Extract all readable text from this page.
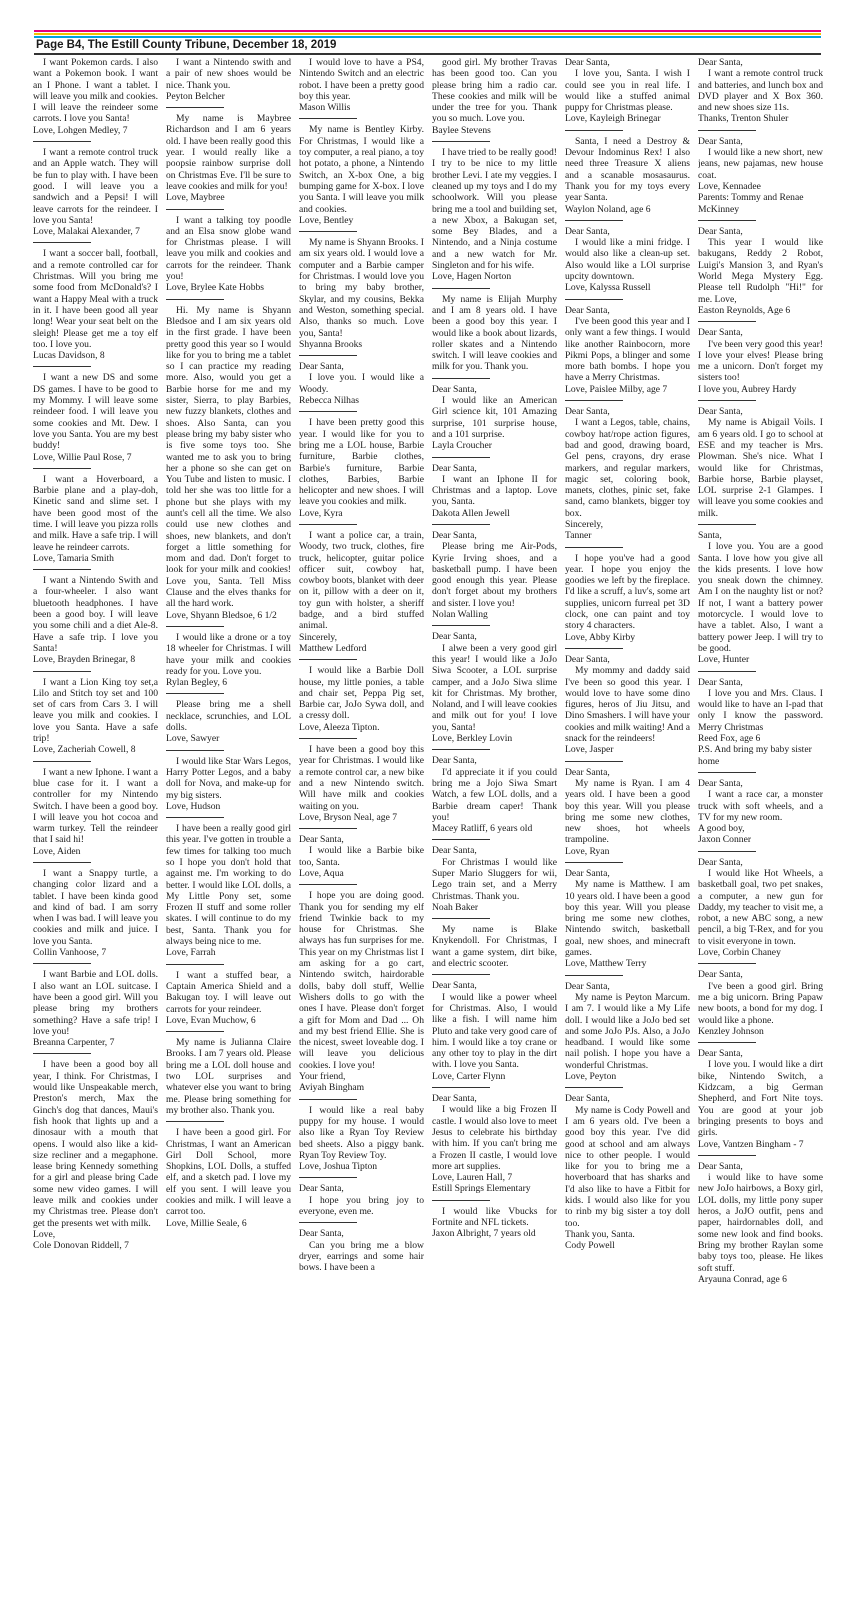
Page B4, The Estill County Tribune, December 18, 2019
I want Pokemon cards. I also want a Pokemon book. I want an I Phone. I want a tablet. I will leave you milk and cookies. I will leave the reindeer some carrots. I love you Santa!
Love, Lohgen Medley, 7
I want a remote control truck and an Apple watch. They will be fun to play with. I have been good. I will leave you a sandwich and a Pepsi! I will leave carrots for the reindeer. I love you Santa!
Love, Malakai Alexander, 7
I want a soccer ball, football, and a remote controlled car for Christmas. Will you bring me some food from McDonald's? I want a Happy Meal with a truck in it. I have been good all year long! Wear your seat belt on the sleigh! Please get me a toy elf too. I love you.
Lucas Davidson, 8
I want a new DS and some DS games. I have to be good to my Mommy. I will leave some reindeer food. I will leave you some cookies and Mt. Dew. I love you Santa. You are my best buddy!
Love, Willie Paul Rose, 7
I want a Hoverboard, a Barbie plane and a play-doh, Kinetic sand and slime set. I have been good most of the time. I will leave you pizza rolls and milk. Have a safe trip. I will leave he reindeer carrots.
Love, Tamaria Smith
I want a Nintendo Swith and a four-wheeler. I also want bluetooth headphones. I have been a good boy. I will leave you some chili and a diet Ale-8. Have a safe trip. I love you Santa!
Love, Brayden Brinegar, 8
I want a Lion King toy set,a Lilo and Stitch toy set and 100 set of cars from Cars 3. I will leave you milk and cookies. I love you Santa. Have a safe trip!
Love, Zacheriah Cowell, 8
I want a new Iphone. I want a blue case for it. I want a controller for my Nintendo Switch. I have been a good boy. I will leave you hot cocoa and warm turkey. Tell the reindeer that I said hi!
Love, Aiden
I want a Snappy turtle, a changing color lizard and a tablet. I have been kinda good and kind of bad. I am sorry when I was bad. I will leave you cookies and milk and juice. I love you Santa.
Collin Vanhoose, 7
I want Barbie and LOL dolls. I also want an LOL suitcase. I have been a good girl. Will you please bring my brothers something? Have a safe trip! I love you!
Breanna Carpenter, 7
I have been a good boy all year, I think. For Christmas, I would like Unspeakable merch, Preston's merch, Max the Ginch's dog that dances, Maui's fish hook that lights up and a dinosaur with a mouth that opens. I would also like a kid-size recliner and a megaphone. lease bring Kennedy something for a girl and please bring Cade some new video games. I will leave milk and cookies under my Christmas tree. Please don't get the presents wet with milk.
Love,
Cole Donovan Riddell, 7
I want a Nintendo swith and a pair of new shoes would be nice. Thank you.
Peyton Belcher
My name is Maybree Richardson and I am 6 years old. I have been really good this year. I would really like a poopsie rainbow surprise doll on Christmas Eve. I'll be sure to leave cookies and milk for you!
Love, Maybree
I want a talking toy poodle and an Elsa snow globe wand for Christmas please. I will leave you milk and cookies and carrots for the reindeer. Thank you!
Love, Brylee Kate Hobbs
Hi. My name is Shyann Bledsoe and I am six years old in the first grade. I have been pretty good this year so I would like for you to bring me a tablet so I can practice my reading more. Also, would you get a Barbie horse for me and my sister, Sierra, to play Barbies, new fuzzy blankets, clothes and shoes. Also Santa, can you please bring my baby sister who is five some toys too. She wanted me to ask you to bring her a phone so she can get on You Tube and listen to music. I told her she was too little for a phone but she plays with my aunt's cell all the time. We also could use new clothes and shoes, new blankets, and don't forget a little something for mom and dad. Don't forget to look for your milk and cookies! Love you, Santa. Tell Miss Clause and the elves thanks for all the hard work.
Love, Shyann Bledsoe, 6 1/2
I would like a drone or a toy 18 wheeler for Christmas. I will have your milk and cookies ready for you. Love you.
Rylan Begley, 6
Please bring me a shell necklace, scrunchies, and LOL dolls.
Love, Sawyer
I would like Star Wars Legos, Harry Potter Legos, and a baby doll for Nova, and make-up for my big sisters.
Love, Hudson
I have been a really good girl this year. I've gotten in trouble a few times for talking too much so I hope you don't hold that against me. I'm working to do better. I would like LOL dolls, a My Little Pony set, some Frozen II stuff and some roller skates. I will continue to do my best, Santa. Thank you for always being nice to me.
Love, Farrah
I want a stuffed bear, a Captain America Shield and a Bakugan toy. I will leave out carrots for your reindeer.
Love, Evan Muchow, 6
My name is Julianna Claire Brooks. I am 7 years old. Please bring me a LOL doll house and two LOL surprises and whatever else you want to bring me. Please bring something for my brother also. Thank you.
I have been a good girl. For Christmas, I want an American Girl Doll School, more Shopkins, LOL Dolls, a stuffed elf, and a sketch pad. I love my elf you sent. I will leave you cookies and milk. I will leave a carrot too.
Love, Millie Seale, 6
I would love to have a PS4, Nintendo Switch and an electric robot. I have been a pretty good boy this year.
Mason Willis
My name is Bentley Kirby. For Christmas, I would like a toy computer, a real piano, a toy hot potato, a phone, a Nintendo Switch, an X-box One, a big bumping game for X-box. I love you Santa. I will leave you milk and cookies.
Love, Bentley
My name is Shyann Brooks. I am six years old. I would love a computer and a Barbie camper for Christmas. I would love you to bring my baby brother, Skylar, and my cousins, Bekka and Weston, something special. Also, thanks so much. Love you, Santa!
Shyanna Brooks
Dear Santa,
I love you. I would like a Woody.
Rebecca Nilhas
I have been pretty good this year. I would like for you to bring me a LOL house, Barbie furniture, Barbie clothes, Barbie's furniture, Barbie clothes, Barbies, Barbie helicopter and new shoes. I will leave you cookies and milk.
Love, Kyra
I want a police car, a train, Woody, two truck, clothes, fire truck, helicopter, guitar police officer suit, cowboy hat, cowboy boots, blanket with deer on it, pillow with a deer on it, toy gun with holster, a sheriff badge, and a bird stuffed animal.
Sincerely,
Matthew Ledford
I would like a Barbie Doll house, my little ponies, a table and chair set, Peppa Pig set, Barbie car, JoJo Sywa doll, and a cressy doll.
Love, Aleeza Tipton.
I have been a good boy this year for Christmas. I would like a remote control car, a new bike and a new Nintendo switch. Will have milk and cookies waiting on you.
Love, Bryson Neal, age 7
Dear Santa,
I would like a Barbie bike too, Santa.
Love, Aqua
I hope you are doing good. Thank you for sending my elf friend Twinkie back to my house for Christmas. She always has fun surprises for me. This year on my Christmas list I am asking for a go cart, Nintendo switch, hairdorable dolls, baby doll stuff, Wellie Wishers dolls to go with the ones I have. Please don't forget a gift for Mom and Dad ... Oh and my best friend Ellie. She is the nicest, sweet loveable dog. I will leave you delicious cookies. I love you!
Your friend,
Aviyah Bingham
I would like a real baby puppy for my house. I would also like a Ryan Toy Review bed sheets. Also a piggy bank. Ryan Toy Review Toy.
Love, Joshua Tipton
Dear Santa,
I hope you bring joy to everyone, even me.
Dear Santa,
Can you bring me a blow dryer, earrings and some hair bows. I have been a
good girl. My brother Travas has been good too. Can you please bring him a radio car. These cookies and milk will be under the tree for you. Thank you so much. Love you.
Baylee Stevens
I have tried to be really good! I try to be nice to my little brother Levi. I ate my veggies. I cleaned up my toys and I do my schoolwork. Will you please bring me a tool and building set, a new Xbox, a Bakugan set, some Bey Blades, and a Nintendo, and a Ninja costume and a new watch for Mr. Singleton and for his wife.
Love, Hagen Norton
My name is Elijah Murphy and I am 8 years old. I have been a good boy this year. I would like a book about lizards, roller skates and a Nintendo switch. I will leave cookies and milk for you. Thank you.
Dear Santa,
I would like an American Girl science kit, 101 Amazing surprise, 101 surprise house, and a 101 surprise.
Layla Croucher
Dear Santa,
I want an Iphone II for Christmas and a laptop. Love you, Santa.
Dakota Allen Jewell
Dear Santa,
Please bring me Air-Pods, Kyrie Irving shoes, and a basketball pump. I have been good enough this year. Please don't forget about my brothers and sister. I love you!
Nolan Walling
Dear Santa,
I alwe been a very good girl this year! I would like a JoJo Siwa Scooter, a LOL surprise camper, and a JoJo Siwa slime kit for Christmas. My brother, Noland, and I will leave cookies and milk out for you! I love you, Santa!
Love, Berkley Lovin
Dear Santa,
I'd appreciate it if you could bring me a Jojo Siwa Smart Watch, a few LOL dolls, and a Barbie dream caper! Thank you!
Macey Ratliff, 6 years old
Dear Santa,
For Christmas I would like Super Mario Sluggers for wii, Lego train set, and a Merry Christmas. Thank you.
Noah Baker
My name is Blake Knykendoll. For Christmas, I want a game system, dirt bike, and electric scooter.
Dear Santa,
I would like a power wheel for Christmas. Also, I would like a fish. I will name him Pluto and take very good care of him. I would like a toy crane or any other toy to play in the dirt with. I love you Santa.
Love, Carter Flynn
Dear Santa,
I would like a big Frozen II castle. I would also love to meet Jesus to celebrate his birthday with him. If you can't bring me a Frozen II castle, I would love more art supplies.
Love, Lauren Hall, 7
Estill Springs Elementary
I would like Vbucks for Fortnite and NFL tickets.
Jaxon Albright, 7 years old
Dear Santa,
I love you, Santa. I wish I could see you in real life. I would like a stuffed animal puppy for Christmas please.
Love, Kayleigh Brinegar
Santa, I need a Destroy & Devour Indominus Rex! I also need three Treasure X aliens and a scanable mosasaurus. Thank you for my toys every year Santa.
Waylon Noland, age 6
Dear Santa,
I would like a mini fridge. I would also like a clean-up set. Also would like a LOl surprise upcity downtown.
Love, Kalyssa Russell
Dear Santa,
I've been good this year and I only want a few things. I would like another Rainbocorn, more Pikmi Pops, a blinger and some more bath bombs. I hope you have a Merry Christmas.
Love, Paislee Milby, age 7
Dear Santa,
I want a Legos, table, chains, cowboy hat/rope action figures, bad and good, drawing board, Gel pens, crayons, dry erase markers, and regular markers, magic set, coloring book, manets, clothes, pinic set, fake sand, camo blankets, bigger toy box.
Sincerely,
Tanner
I hope you've had a good year. I hope you enjoy the goodies we left by the fireplace. I'd like a scruff, a luv's, some art supplies, unicorn furreal pet 3D clock, one can paint and toy story 4 characters.
Love, Abby Kirby
Dear Santa,
My mommy and daddy said I've been so good this year. I would love to have some dino figures, heros of Jiu Jitsu, and Dino Smashers. I will have your cookies and milk waiting! And a snack for the reindeers!
Love, Jasper
Dear Santa,
My name is Ryan. I am 4 years old. I have been a good boy this year. Will you please bring me some new clothes, new shoes, hot wheels trampoline.
Love, Ryan
Dear Santa,
My name is Matthew. I am 10 years old. I have been a good boy this year. Will you please bring me some new clothes, Nintendo switch, basketball goal, new shoes, and minecraft games.
Love, Matthew Terry
Dear Santa,
My name is Peyton Marcum. I am 7. I would like a My Life doll. I would like a JoJo bed set and some JoJo PJs. Also, a JoJo headband. I would like some nail polish. I hope you have a wonderful Christmas.
Love, Peyton
Dear Santa,
My name is Cody Powell and I am 6 years old. I've been a good boy this year. I've did good at school and am always nice to other people. I would like for you to bring me a hoverboard that has sharks and I'd also like to have a Fitbit for kids. I would also like for you to rinb my big sister a toy doll too.
Thank you, Santa.
Cody Powell
Dear Santa,
I want a remote control truck and batteries, and lunch box and DVD player and X Box 360. and new shoes size 11s.
Thanks, Trenton Shuler
Dear Santa,
I would like a new short, new jeans, new pajamas, new house coat.
Love, Kennadee
Parents: Tommy and Renae McKinney
Dear Santa,
This year I would like bakugans, Reddy 2 Robot, Luigi's Mansion 3, and Ryan's World Mega Mystery Egg. Please tell Rudolph "Hi!" for me. Love,
Easton Reynolds, Age 6
Dear Santa,
I've been very good this year! I love your elves! Please bring me a unicorn. Don't forget my sisters too!
I love you, Aubrey Hardy
Dear Santa,
My name is Abigail Voils. I am 6 years old. I go to school at ESE and my teacher is Mrs. Plowman. She's nice. What I would like for Christmas, Barbie horse, Barbie playset, LOL surprise 2-1 Glampes. I will leave you some cookies and milk.
Santa,
I love you. You are a good Santa. I love how you give all the kids presents. I love how you sneak down the chimney. Am I on the naughty list or not? If not, I want a battery power motorcycle. I would love to have a tablet. Also, I want a battery power Jeep. I will try to be good.
Love, Hunter
Dear Santa,
I love you and Mrs. Claus. I would like to have an I-pad that only I know the password. Merry Christmas
Reed Fox, age 6
P.S. And bring my baby sister home
Dear Santa,
I want a race car, a monster truck with soft wheels, and a TV for my new room.
A good boy,
Jaxon Conner
Dear Santa,
I would like Hot Wheels, a basketball goal, two pet snakes, a computer, a new gun for Daddy, my teacher to visit me, a robot, a new ABC song, a new pencil, a big T-Rex, and for you to visit everyone in town.
Love, Corbin Chaney
Dear Santa,
I've been a good girl. Bring me a big unicorn. Bring Papaw new boots, a bond for my dog. I would like a phone.
Kenzley Johnson
Dear Santa,
I love you. I would like a dirt bike, Nintendo Switch, a Kidzcam, a big German Shepherd, and Fort Nite toys. You are good at your job bringing presents to boys and girls.
Love, Vantzen Bingham - 7
Dear Santa,
i would like to have some new JoJo hairbows, a Boxy girl, LOL dolls, my little pony super heros, a JoJO outfit, pens and paper, hairdornables doll, and some new look and find books. Bring my brother Raylan some baby toys too, please. He likes soft stuff.
Aryauna Conrad, age 6
